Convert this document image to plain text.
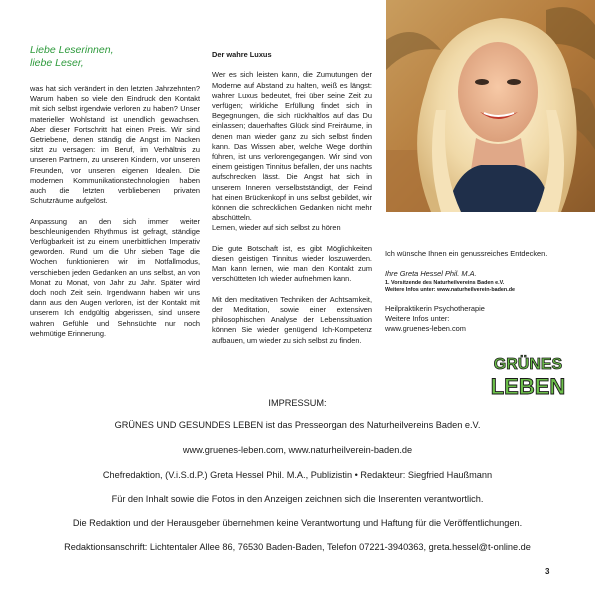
Liebe Leserinnen,
liebe Leser,

was hat sich verändert in den letzten Jahrzehnten? Warum haben so viele den Eindruck den Kontakt mit sich selbst irgendwie verloren zu haben? Unser materieller Wohlstand ist unendlich gewachsen. Aber dieser Fortschritt hat einen Preis. Wir sind Getriebene, denen ständig die Angst im Nacken sitzt zu versagen: im Beruf, im Verhältnis zu unseren Partnern, zu unseren Kindern, vor unseren Freunden, vor unseren eigenen Idealen. Die modernen Kommunikationstechnologien haben auch die letzten verbliebenen privaten Schutzräume aufgelöst.

Anpassung an den sich immer weiter beschleunigenden Rhythmus ist gefragt, ständige Verfügbarkeit ist zu einem unerbittlichen Imperativ geworden. Rund um die Uhr sieben Tage die Wochen funktionieren wir im Notfallmodus, verschieben jeden Gedanken an uns selbst, an von Monat zu Monat, von Jahr zu Jahr. Später wird doch noch Zeit sein. Irgendwann haben wir uns dann aus den Augen verloren, ist der Kontakt mit unserem Ich endgültig abgerissen, sind unsere wahren Gefühle und Sehnsüchte nur noch wehmütige Erinnerung.

Der wahre Luxus

Wer es sich leisten kann, die Zumutungen der Moderne auf Abstand zu halten, weiß es längst: wahrer Luxus bedeutet, frei über seine Zeit zu verfügen; wirkliche Erfüllung findet sich in Begegnungen, die sich rückhaltlos auf das Du einlassen; dauerhaftes Glück sind Freiräume, in denen man wieder ganz zu sich selbst finden kann. Das Wissen aber, welche Wege dorthin führen, ist uns verlorengegangen. Wir sind von einem geistigen Tinnitus befallen, der uns nachts aufschrecken lässt. Die Angst hat sich in unserem Inneren verselbstständigt, der Feind hat einen Brückenkopf in uns selbst gebildet, wir können die schrecklichen Gedanken nicht mehr abschütteln.

Lernen, wieder auf sich selbst zu hören

Die gute Botschaft ist, es gibt Möglichkeiten diesen geistigen Tinnitus wieder loszuwerden. Man kann lernen, wie man den Kontakt zum verschütteten Ich wieder aufnehmen kann.

Mit den meditativen Techniken der Achtsamkeit, der Meditation, sowie einer extensiven philosophischen Analyse der Lebenssituation können Sie wieder genügend Ich-Kompetenz aufbauen, um wieder zu sich selbst zu finden.

Ich wünsche Ihnen ein genussreiches Entdecken.

Ihre Greta Hessel Phil. M.A.
1. Vorsitzende des Naturheilvereins Baden e.V.
Weitere Infos unter: www.naturheilverein-baden.de
Heilpraktikerin Psychotherapie
Weitere Infos unter:
www.gruenes-leben.com
GRÜNES
LEBEN
IMPRESSUM:
GRÜNES UND GESUNDES LEBEN ist das Presseorgan des Naturheilvereins Baden e.V.
www.gruenes-leben.com, www.naturheilverein-baden.de
Chefredaktion, (V.i.S.d.P.) Greta Hessel Phil. M.A., Publizistin • Redakteur: Siegfried Haußmann
Für den Inhalt sowie die Fotos in den Anzeigen zeichnen sich die Inserenten verantwortlich.
Die Redaktion und der Herausgeber übernehmen keine Verantwortung und Haftung für die Veröffentlichungen.
Redaktionsanschrift: Lichtentaler Allee 86, 76530 Baden-Baden, Telefon 07221-3940363, greta.hessel@t-online.de
3
